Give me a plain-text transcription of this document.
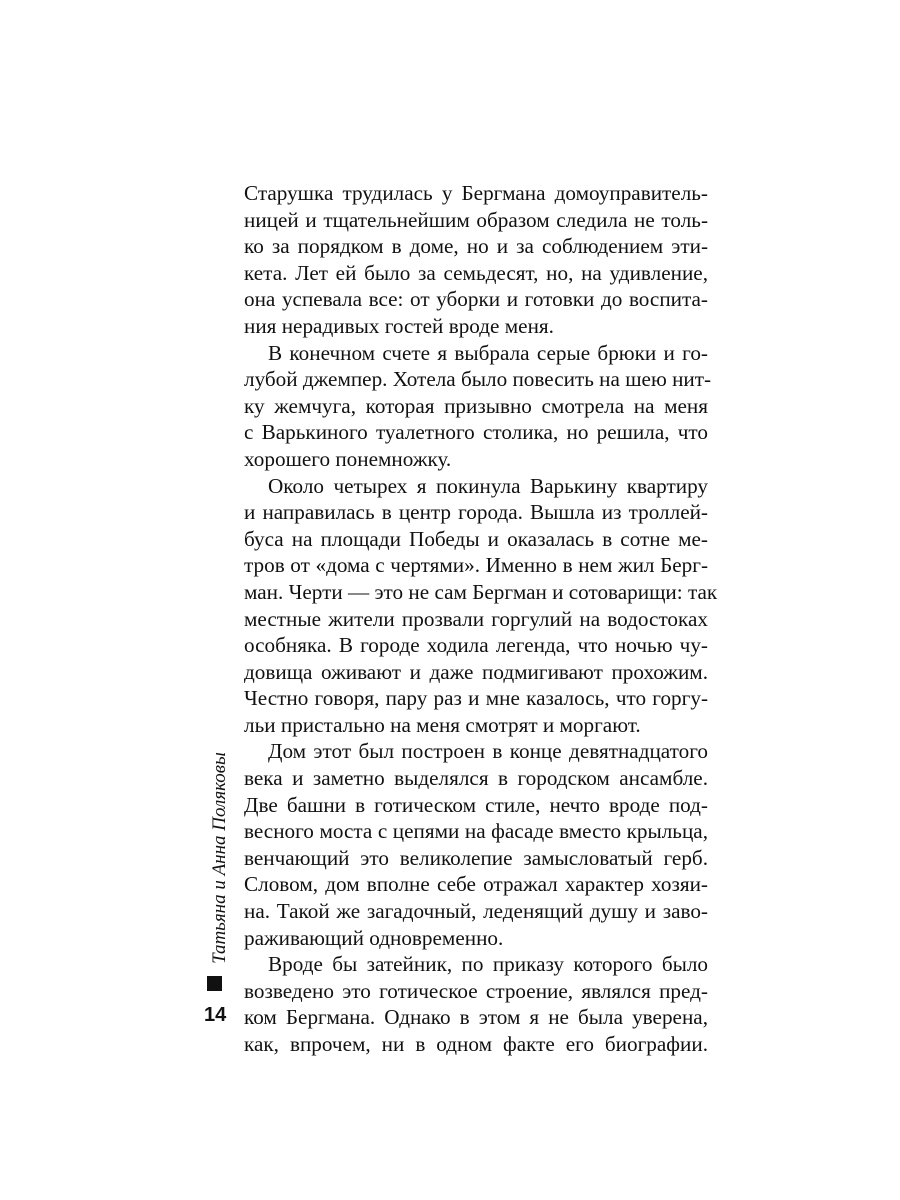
Старушка трудилась у Бергмана домоуправитель-
ницей и тщательнейшим образом следила не толь-
ко за порядком в доме, но и за соблюдением эти-
кета. Лет ей было за семьдесят, но, на удивление,
она успевала все: от уборки и готовки до воспита-
ния нерадивых гостей вроде меня.

В конечном счете я выбрала серые брюки и го-
лубой джемпер. Хотела было повесить на шею нит-
ку жемчуга, которая призывно смотрела на меня
с Варькиного туалетного столика, но решила, что
хорошего понемножку.

Около четырех я покинула Варькину квартиру
и направилась в центр города. Вышла из троллей-
буса на площади Победы и оказалась в сотне ме-
тров от «дома с чертями». Именно в нем жил Берг-
ман. Черти — это не сам Бергман и сотоварищи: так
местные жители прозвали горгулий на водостоках
особняка. В городе ходила легенда, что ночью чу-
довища оживают и даже подмигивают прохожим.
Честно говоря, пару раз и мне казалось, что горгу-
льи пристально на меня смотрят и моргают.

Дом этот был построен в конце девятнадцатого
века и заметно выделялся в городском ансамбле.
Две башни в готическом стиле, нечто вроде под-
весного моста с цепями на фасаде вместо крыльца,
венчающий это великолепие замысловатый герб.
Словом, дом вполне себе отражал характер хозяи-
на. Такой же загадочный, леденящий душу и заво-
раживающий одновременно.

Вроде бы затейник, по приказу которого было
возведено это готическое строение, являлся пред-
ком Бергмана. Однако в этом я не была уверена,
как, впрочем, ни в одном факте его биографии.

Татьяна и Анна Поляковы
14
